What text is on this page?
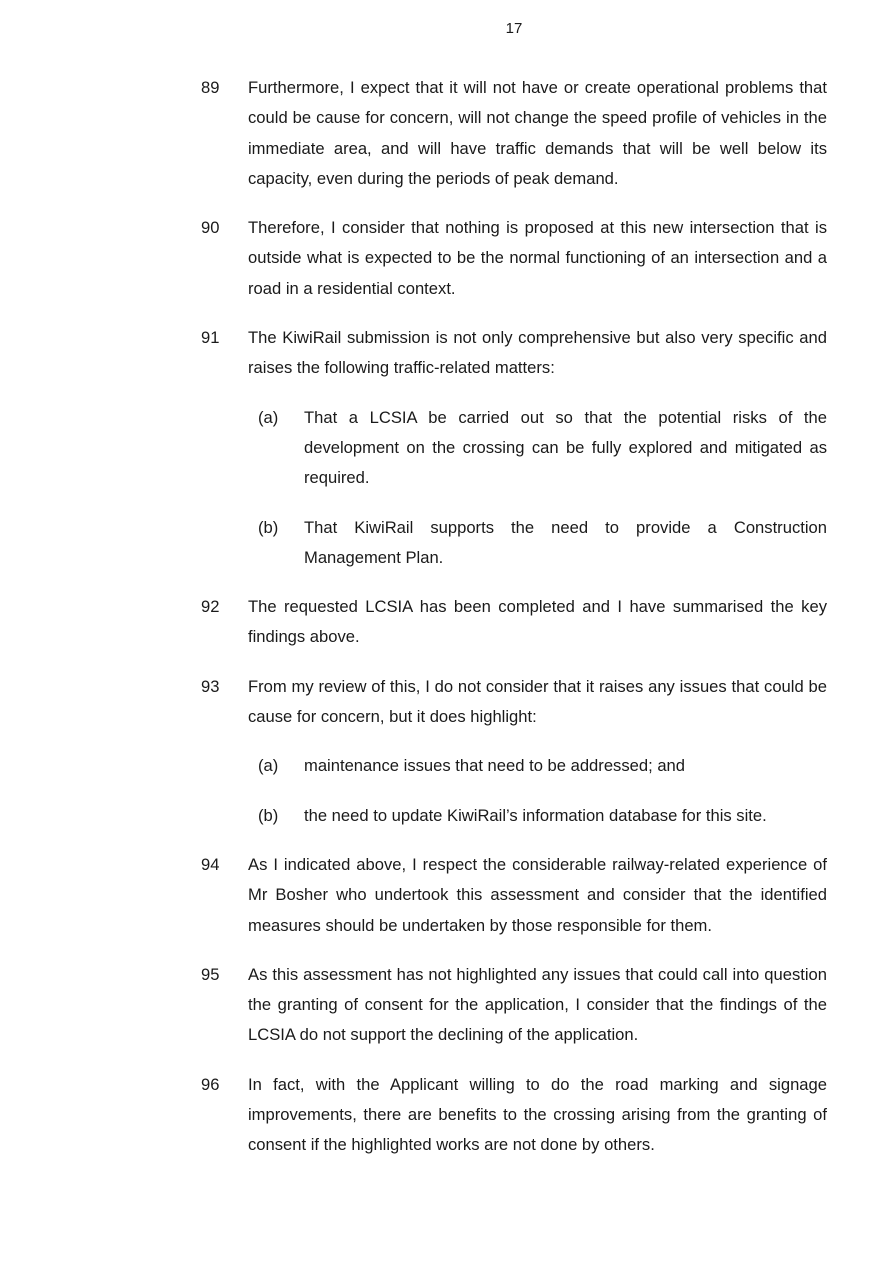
17
89 Furthermore, I expect that it will not have or create operational problems that could be cause for concern, will not change the speed profile of vehicles in the immediate area, and will have traffic demands that will be well below its capacity, even during the periods of peak demand.
90 Therefore, I consider that nothing is proposed at this new intersection that is outside what is expected to be the normal functioning of an intersection and a road in a residential context.
91 The KiwiRail submission is not only comprehensive but also very specific and raises the following traffic-related matters:
(a) That a LCSIA be carried out so that the potential risks of the development on the crossing can be fully explored and mitigated as required.
(b) That KiwiRail supports the need to provide a Construction Management Plan.
92 The requested LCSIA has been completed and I have summarised the key findings above.
93 From my review of this, I do not consider that it raises any issues that could be cause for concern, but it does highlight:
(a) maintenance issues that need to be addressed; and
(b) the need to update KiwiRail’s information database for this site.
94 As I indicated above, I respect the considerable railway-related experience of Mr Bosher who undertook this assessment and consider that the identified measures should be undertaken by those responsible for them.
95 As this assessment has not highlighted any issues that could call into question the granting of consent for the application, I consider that the findings of the LCSIA do not support the declining of the application.
96 In fact, with the Applicant willing to do the road marking and signage improvements, there are benefits to the crossing arising from the granting of consent if the highlighted works are not done by others.
